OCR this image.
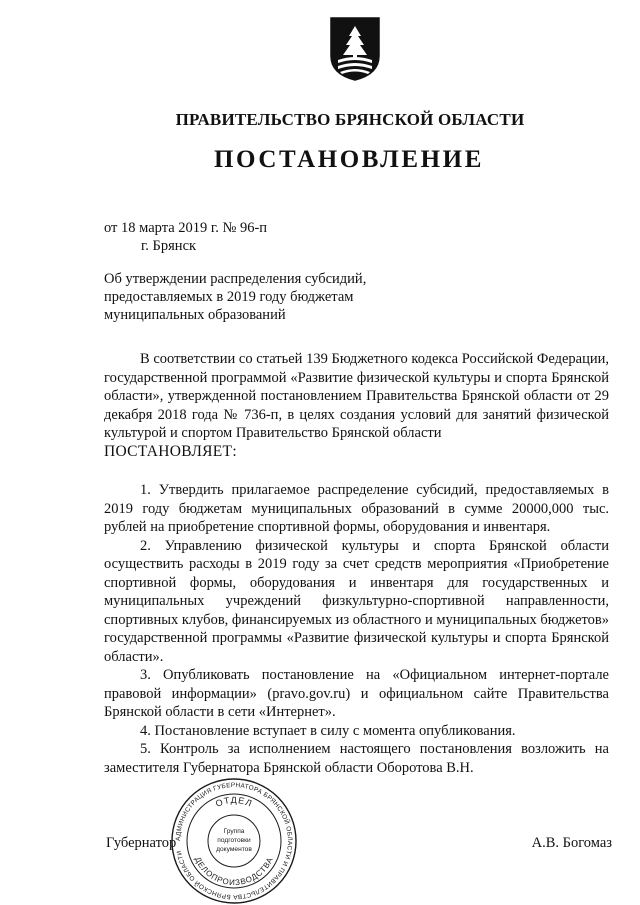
ПРАВИТЕЛЬСТВО БРЯНСКОЙ ОБЛАСТИ
ПОСТАНОВЛЕНИЕ
от 18 марта 2019 г. № 96-п
г. Брянск
Об утверждении распределения субсидий,
предоставляемых в 2019 году бюджетам
муниципальных образований

В соответствии со статьей 139 Бюджетного кодекса Российской Федерации, государственной программой «Развитие физической культуры и спорта Брянской области», утвержденной постановлением Правительства Брянской области от 29 декабря 2018 года № 736-п, в целях создания условий для занятий физической культурой и спортом Правительство Брянской области

ПОСТАНОВЛЯЕТ:

1. Утвердить прилагаемое распределение субсидий, предоставляемых в 2019 году бюджетам муниципальных образований в сумме 20000,000 тыс. рублей на приобретение спортивной формы, оборудования и инвентаря.

2. Управлению физической культуры и спорта Брянской области осуществить расходы в 2019 году за счет средств мероприятия «Приобретение спортивной формы, оборудования и инвентаря для государственных и муниципальных учреждений физкультурно-спортивной направленности, спортивных клубов, финансируемых из областного и муниципальных бюджетов» государственной программы «Развитие физической культуры и спорта Брянской области».

3. Опубликовать постановление на «Официальном интернет-портале правовой информации» (pravo.gov.ru) и официальном сайте Правительства Брянской области в сети «Интернет».

4. Постановление вступает в силу с момента опубликования.

5. Контроль за исполнением настоящего постановления возложить на заместителя Губернатора Брянской области Оборотова В.Н.

Губернатор	А.В. Богомаз
АДМИНИСТРАЦИЯ ГУБЕРНАТОРА БРЯНСКОЙ ОБЛАСТИ И ПРАВИТЕЛЬСТВА БРЯНСКОЙ ОБЛАСТИ
ОТДЕЛ
ДЕЛОПРОИЗВОДСТВА
Группа
подготовки
документов
